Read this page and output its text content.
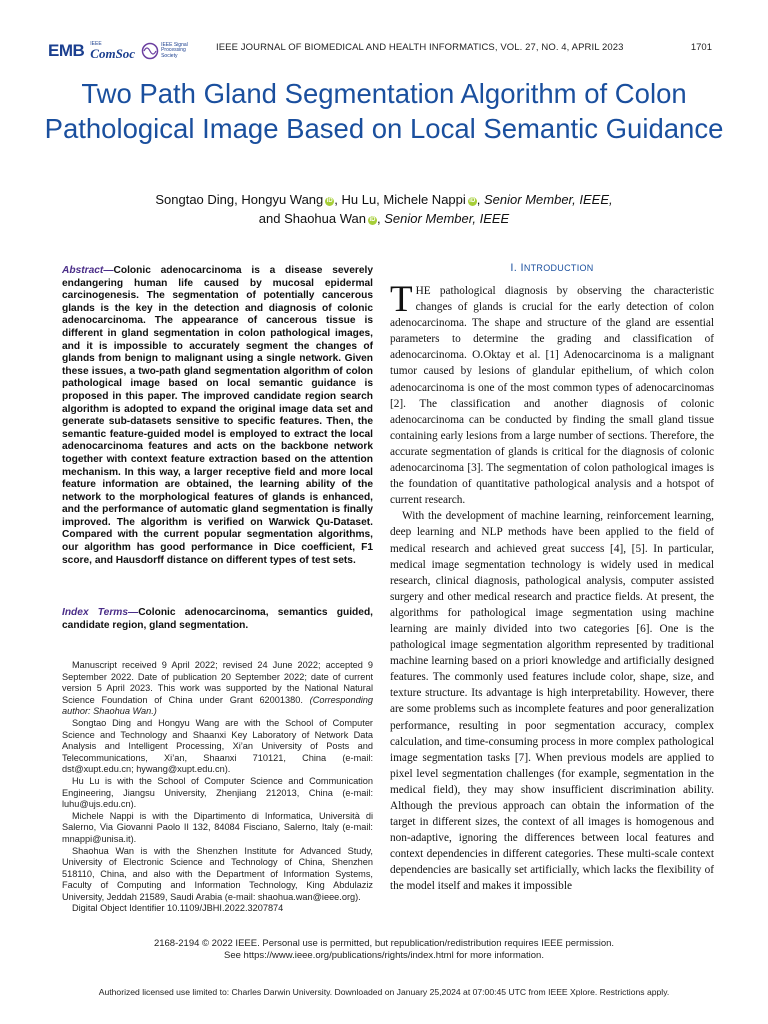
EMB IEEE
ComSoc
IEEE Signal Processing Society
IEEE JOURNAL OF BIOMEDICAL AND HEALTH INFORMATICS, VOL. 27, NO. 4, APRIL 2023	1701
Two Path Gland Segmentation Algorithm of Colon Pathological Image Based on Local Semantic Guidance
Songtao Ding, Hongyu Wang iD , Hu Lu, Michele Nappi iD , Senior Member, IEEE,
and Shaohua Wan iD , Senior Member, IEEE
Abstract—Colonic adenocarcinoma is a disease severely endangering human life caused by mucosal epidermal carcinogenesis. The segmentation of potentially cancerous glands is the key in the detection and diagnosis of colonic adenocarcinoma. The appearance of cancerous tissue is different in gland segmentation in colon pathological images, and it is impossible to accurately segment the changes of glands from benign to malignant using a single network. Given these issues, a two-path gland segmentation algorithm of colon pathological image based on local semantic guidance is proposed in this paper. The improved candidate region search algorithm is adopted to expand the original image data set and generate sub-datasets sensitive to specific features. Then, the semantic feature-guided model is employed to extract the local adenocarcinoma features and acts on the backbone network together with context feature extraction based on the attention mechanism. In this way, a larger receptive field and more local feature information are obtained, the learning ability of the network to the morphological features of glands is enhanced, and the performance of automatic gland segmentation is finally improved. The algorithm is verified on Warwick Qu-Dataset. Compared with the current popular segmentation algorithms, our algorithm has good performance in Dice coefficient, F1 score, and Hausdorff distance on different types of test sets.
Index Terms—Colonic adenocarcinoma, semantics guided, candidate region, gland segmentation.

Manuscript received 9 April 2022; revised 24 June 2022; accepted 9 September 2022. Date of publication 20 September 2022; date of current version 5 April 2023. This work was supported by the National Natural Science Foundation of China under Grant 62001380. (Corresponding author: Shaohua Wan.)

Songtao Ding and Hongyu Wang are with the School of Computer Science and Technology and Shaanxi Key Laboratory of Network Data Analysis and Intelligent Processing, Xi’an University of Posts and Telecommunications, Xi’an, Shaanxi 710121, China (e-mail: dst@xupt.edu.cn; hywang@xupt.edu.cn).

Hu Lu is with the School of Computer Science and Communication Engineering, Jiangsu University, Zhenjiang 212013, China (e-mail: luhu@ujs.edu.cn).

Michele Nappi is with the Dipartimento di Informatica, Università di Salerno, Via Giovanni Paolo II 132, 84084 Fisciano, Salerno, Italy (e-mail: mnappi@unisa.it).

Shaohua Wan is with the Shenzhen Institute for Advanced Study, University of Electronic Science and Technology of China, Shenzhen 518110, China, and also with the Department of Information Systems, Faculty of Computing and Information Technology, King Abdulaziz University, Jeddah 21589, Saudi Arabia (e-mail: shaohua.wan@ieee.org).

Digital Object Identifier 10.1109/JBHI.2022.3207874

I. INTRODUCTION

THE pathological diagnosis by observing the characteristic changes of glands is crucial for the early detection of colon adenocarcinoma. The shape and structure of the gland are essential parameters to determine the grading and classification of adenocarcinoma. O.Oktay et al. [1] Adenocarcinoma is a malignant tumor caused by lesions of glandular epithelium, of which colon adenocarcinoma is one of the most common types of adenocarcinomas [2]. The classification and another diagnosis of colonic adenocarcinoma can be conducted by finding the small gland tissue containing early lesions from a large number of sections. Therefore, the accurate segmentation of glands is critical for the diagnosis of colonic adenocarcinoma [3]. The segmentation of colon pathological images is the foundation of quantitative pathological analysis and a hotspot of current research.

With the development of machine learning, reinforcement learning, deep learning and NLP methods have been applied to the field of medical research and achieved great success [4], [5]. In particular, medical image segmentation technology is widely used in medical research, clinical diagnosis, pathological analysis, computer assisted surgery and other medical research and practice fields. At present, the algorithms for pathological image segmentation using machine learning are mainly divided into two categories [6]. One is the pathological image segmentation algorithm represented by traditional machine learning based on a priori knowledge and artificially designed features. The commonly used features include color, shape, size, and texture structure. Its advantage is high interpretability. However, there are some problems such as incomplete features and poor generalization performance, resulting in poor segmentation accuracy, complex calculation, and time-consuming process in more complex pathological image segmentation tasks [7]. When previous models are applied to pixel level segmentation challenges (for example, segmentation in the medical field), they may show insufficient discrimination ability. Although the previous approach can obtain the information of the target in different sizes, the context of all images is homogenous and non-adaptive, ignoring the differences between local features and context dependencies in different categories. These multi-scale context dependencies are basically set artificially, which lacks the flexibility of the model itself and makes it impossible

2168-2194 © 2022 IEEE. Personal use is permitted, but republication/redistribution requires IEEE permission.
See https://www.ieee.org/publications/rights/index.html for more information.
Authorized licensed use limited to: Charles Darwin University. Downloaded on January 25,2024 at 07:00:45 UTC from IEEE Xplore. Restrictions apply.
